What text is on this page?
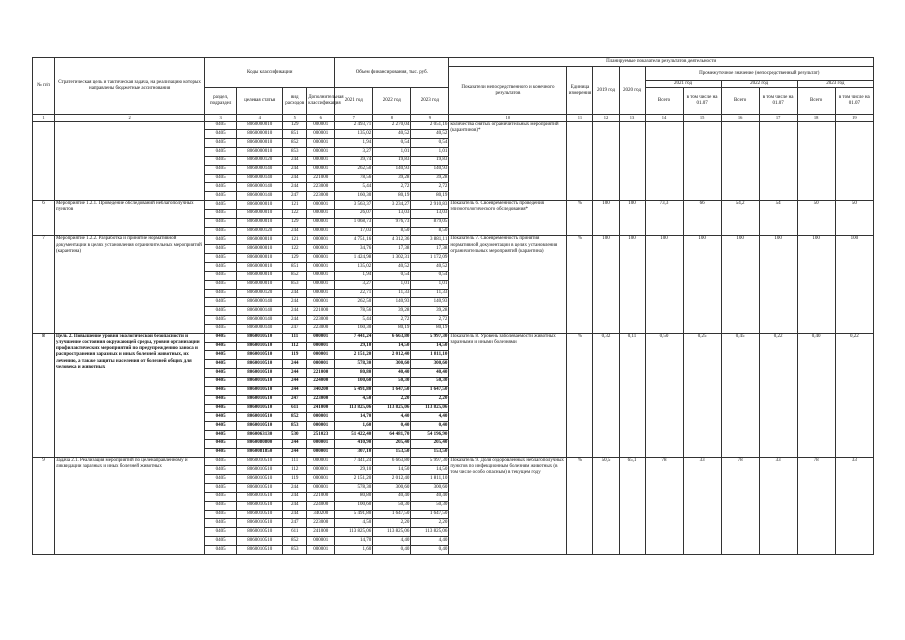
№ п/п	Стратегическая цель и тактическая задача, на реализацию которых направлены бюджетные ассигнования	Коды классификации				Объем финансирования, тыс. руб.			Планируемые показатели результатов деятельности									
									Показатели непосредственного и конечного результатов	Единица измерения	2019 год	2020 год	Промежуточное значение (непосредственный результат)					
													2021 год		2022 год		2023 год	
		раздел, подраздел	целевая статья	вид расходов	Дополнительная классификация	2021 год	2022 год	2023 год					Всего	в том числе на 01.07	Всего	в том числе на 01.07	Всего	в том числе на 01.07
1	2	3	4	5	6	7	8	9	10	11	12	13	14	15	16	17	18	19
		0405	8060000010	129	000001	2 493,71	2 270,04	2 051,16	количества снятых ограничительных мероприятий (карантинов)*									
		0405	8060000010	851	000001	135,02	40,52	40,52										
		0405	8060000010	852	000001	1,94	0,54	0,54										
		0405	8060000010	853	000001	3,27	1,01	1,01										
		0405	8060000120	244	000001	39,74	19,83	19,83										
		0405	8060000140	244	000001	262,50	140,93	140,93										
		0405	8060000140	244	221000	78,56	39,28	39,28										
		0405	8060000140	244	223000	5,44	2,72	2,72										
		0405	8060000140	247	223000	160,30	80,19	80,19										
6	Мероприятие 1.2.1. Проведение обследований неблагополучных пунктов	0405	8060000010	121	000001	3 563,37	3 234,27	2 910,83	Показатель 6. Своевременность проведения эпизоотологического обследования*	%	100	100	73,3	66	54,2	54	50	50
		0405	8060000010	122	000001	26,07	13,03	13,03										
		0405	8060000010	129	000001	1 068,73	976,73	879,05										
		0405	8060000120	244	000001	17,03	8,50	8,50										
7	Мероприятие 1.2.2. Разработка и принятие нормативной документации в целях установления ограничительных мероприятий (карантина)	0405	8060000010	121	000001	4 751,16	4 312,36	3 881,11	Показатель 7. Своевременность принятия нормативной документации в целях установления ограничительных мероприятий (карантина)	%	100	100	100	100	100	100	100	100
		0405	8060000010	122	000001	34,76	17,38	17,38										
		0405	8060000010	129	000001	1 424,98	1 302,31	1 172,09										
		0405	8060000010	851	000001	135,02	40,52	40,52										
		0405	8060000010	852	000001	1,94	0,54	0,54										
		0405	8060000010	853	000001	3,27	1,01	1,01										
		0405	8060000120	244	000001	22,71	11,33	11,33										
		0405	8060000140	244	000001	262,50	140,93	140,93										
		0405	8060000140	244	221000	78,56	39,28	39,28										
		0405	8060000140	244	223000	5,44	2,72	2,72										
		0405	8060000140	247	223000	160,30	80,19	80,19										
8	Цель 2. Повышение уровня экологической безопасности и улучшение состояния окружающей среды, уровня организации профилактических мероприятий по предупреждению заноса и распространения заразных и иных болезней животных, их лечению, а также защиты населения от болезней общих для человека и животных	0405	8060010510	111	000001	7 441,24	6 663,80	5 997,30	Показатель 8. Уровень заболеваемости животных заразными и иными болезнями	%	0,32	0,11	0,50	0,25	0,45	0,22	0,40	0,22
		0405	8060010510	112	000001	29,10	14,50	14,50										
		0405	8060010510	119	000001	2 151,20	2 012,40	1 811,10										
		0405	8060010510	244	000001	578,30	300,60	300,60										
		0405	8060010510	244	221000	80,80	40,40	40,40										
		0405	8060010510	244	224000	100,60	50,30	50,30										
		0405	8060010510	244	340200	5 491,80	1 647,50	1 647,50										
		0405	8060010510	247	223000	4,50	2,20	2,20										
		0405	8060010510	611	241000	113 825,06	113 825,06	113 825,06										
		0405	8060010510	852	000001	14,70	4,40	4,40										
		0405	8060010510	853	000001	1,60	0,40	0,40										
		0405	8060063130	530	251023	51 422,40	64 481,70	54 196,90										
		0405	8060080800	244	000001	410,90	205,40	205,40										
		0405	8060081850	244	000001	307,10	153,50	153,50										
9	Задача 2.1. Реализация мероприятий по целенаправленному и ликвидации заразных и иных болезней животных	0405	8060010510	111	000001	7 441,24	6 663,80	5 997,30	Показатель 9. Доля оздоровленных неблагополучных пунктов по инфекционным болезням животных (в том числе особо опасным) в текущем году	%	50,5	65,1	78	33	78	33	78	33
		0405	8060010510	112	000001	29,10	14,50	14,50										
		0405	8060010510	119	000001	2 151,20	2 012,40	1 811,10										
		0405	8060010510	244	000001	578,30	300,60	300,60										
		0405	8060010510	244	221000	80,80	40,40	40,40										
		0405	8060010510	244	224000	100,60	50,30	50,30										
		0405	8060010510	244	340200	5 491,80	1 647,50	1 647,50										
		0405	8060010510	247	223000	4,50	2,20	2,20										
		0405	8060010510	611	241000	113 825,06	113 825,06	113 825,06										
		0405	8060010510	852	000001	14,70	4,40	4,40										
		0405	8060010510	853	000001	1,60	0,40	0,40										
